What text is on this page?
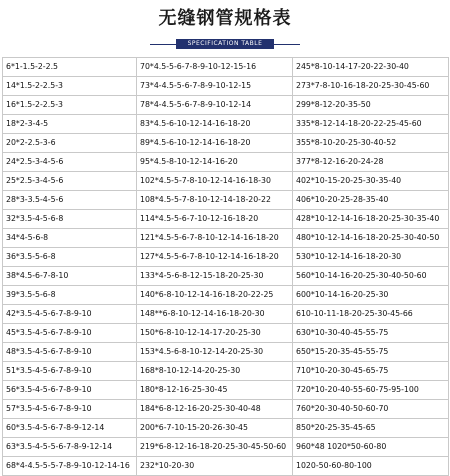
无缝钢管规格表
SPECIFICATION TABLE
6*1-1.5-2-2.5	70*4.5-5-6-7-8-9-10-12-15-16	245*8-10-14-17-20-22-30-40
14*1.5-2-2.5-3	73*4-4.5-5-6-7-8-9-10-12-15	273*7-8-10-16-18-20-25-30-45-60
16*1.5-2-2.5-3	78*4-4.5-5-6-7-8-9-10-12-14	299*8-12-20-35-50
18*2-3-4-5	83*4.5-6-10-12-14-16-18-20	335*8-12-14-18-20-22-25-45-60
20*2-2.5-3-6	89*4.5-6-10-12-14-16-18-20	355*8-10-20-25-30-40-52
24*2.5-3-4-5-6	95*4.5-8-10-12-14-16-20	377*8-12-16-20-24-28
25*2.5-3-4-5-6	102*4.5-5-7-8-10-12-14-16-18-30	402*10-15-20-25-30-35-40
28*3-3.5-4-5-6	108*4.5-5-7-8-10-12-14-18-20-22	406*10-20-25-28-35-40
32*3.5-4-5-6-8	114*4.5-5-6-7-10-12-16-18-20	428*10-12-14-16-18-20-25-30-35-40
34*4-5-6-8	121*4.5-5-6-7-8-10-12-14-16-18-20	480*10-12-14-16-18-20-25-30-40-50
36*3.5-5-6-8	127*4.5-5-6-7-8-10-12-14-16-18-20	530*10-12-14-16-18-20-30
38*4.5-6-7-8-10	133*4-5-6-8-12-15-18-20-25-30	560*10-14-16-20-25-30-40-50-60
39*3.5-5-6-8	140*6-8-10-12-14-16-18-20-22-25	600*10-14-16-20-25-30
42*3.5-4-5-6-7-8-9-10	148**6-8-10-12-14-16-18-20-30	610-10-11-18-20-25-30-45-66
45*3.5-4-5-6-7-8-9-10	150*6-8-10-12-14-17-20-25-30	630*10-30-40-45-55-75
48*3.5-4-5-6-7-8-9-10	153*4.5-6-8-10-12-14-20-25-30	650*15-20-35-45-55-75
51*3.5-4-5-6-7-8-9-10	168*8-10-12-14-20-25-30	710*10-20-30-45-65-75
56*3.5-4-5-6-7-8-9-10	180*8-12-16-25-30-45	720*10-20-40-55-60-75-95-100
57*3.5-4-5-6-7-8-9-10	184*6-8-12-16-20-25-30-40-48	760*20-30-40-50-60-70
60*3.5-4-5-6-7-8-9-12-14	200*6-7-10-15-20-26-30-45	850*20-25-35-45-65
63*3.5-4-5-5-6-7-8-9-12-14	219*6-8-12-16-18-20-25-30-45-50-60	960*48 1020*50-60-80
68*4-4.5-5-5-7-8-9-10-12-14-16	232*10-20-30	1020-50-60-80-100
